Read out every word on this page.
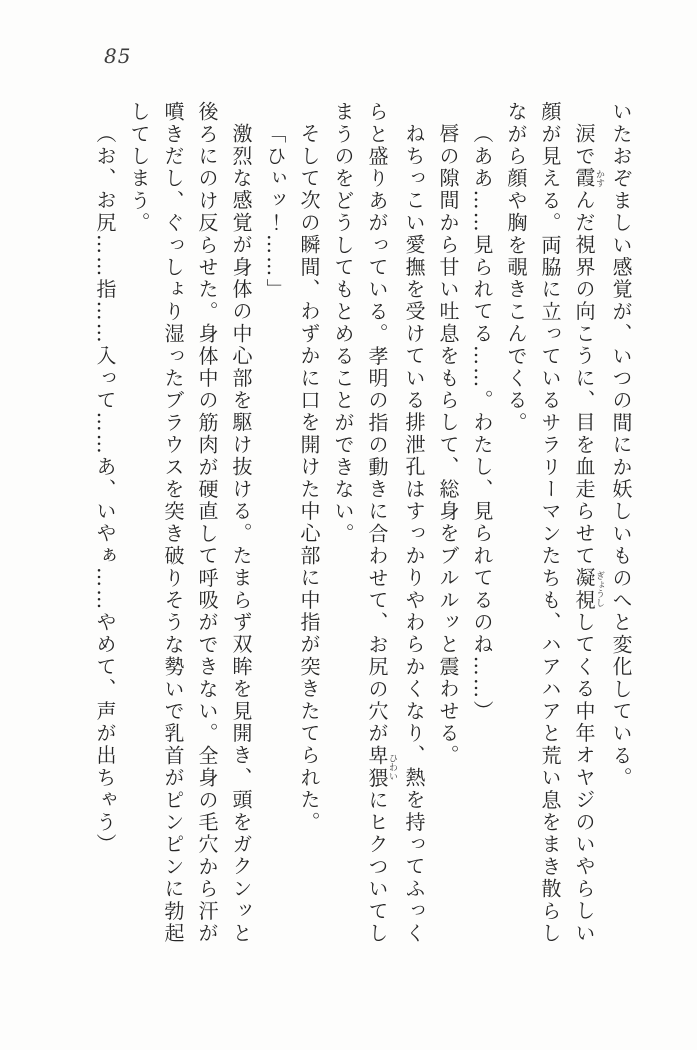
85

いたおぞましい感覚が、いつの間にか妖しいものへと変化している。

涙で霞かすんだ視界の向こうに、目を血走らせて凝視ぎょうししてくる中年オヤジのいやらしい

顔が見える。両脇に立っているサラリーマンたちも、ハアハアと荒い息をまき散らし

ながら顔や胸を覗きこんでくる。

（ああ……見られてる……。わたし、見られてるのね……）

唇の隙間から甘い吐息をもらして、総身をブルルッと震わせる。

ねちっこい愛撫を受けている排泄孔はすっかりやわらかくなり、熱を持ってふっく

らと盛りあがっている。孝明の指の動きに合わせて、お尻の穴が卑猥ひわいにヒクついてし

まうのをどうしてもとめることができない。

そして次の瞬間、わずかに口を開けた中心部に中指が突きたてられた。

「ひぃッ！……」

激烈な感覚が身体の中心部を駆け抜ける。たまらず双眸を見開き、頭をガクンッと

後ろにのけ反らせた。身体中の筋肉が硬直して呼吸ができない。全身の毛穴から汗が

噴きだし、ぐっしょり湿ったブラウスを突き破りそうな勢いで乳首がピンピンに勃起

してしまう。

（お、お尻……指……入って……あ、いやぁ……やめて、声が出ちゃう）
